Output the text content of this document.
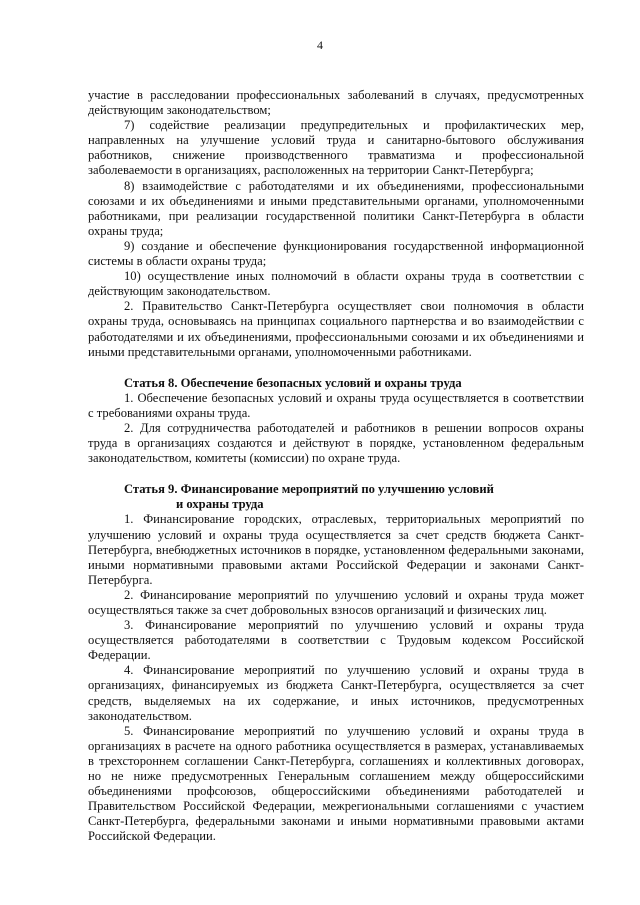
4

участие в расследовании профессиональных заболеваний в случаях, предусмотренных действующим законодательством;

7) содействие реализации предупредительных и профилактических мер, направленных на улучшение условий труда и санитарно-бытового обслуживания работников, снижение производственного травматизма и профессиональной заболеваемости в организациях, расположенных на территории Санкт-Петербурга;

8) взаимодействие с работодателями и их объединениями, профессиональными союзами и их объединениями и иными представительными органами, уполномоченными работниками, при реализации государственной политики Санкт-Петербурга в области охраны труда;

9) создание и обеспечение функционирования государственной информационной системы в области охраны труда;

10) осуществление иных полномочий в области охраны труда в соответствии с действующим законодательством.

2. Правительство Санкт-Петербурга осуществляет свои полномочия в области охраны труда, основываясь на принципах социального партнерства и во взаимодействии с работодателями и их объединениями, профессиональными союзами и их объединениями и иными представительными органами, уполномоченными работниками.

Статья 8. Обеспечение безопасных условий и охраны труда

1. Обеспечение безопасных условий и охраны труда осуществляется в соответствии с требованиями охраны труда.

2. Для сотрудничества работодателей и работников в решении вопросов охраны труда в организациях создаются и действуют в порядке, установленном федеральным законодательством, комитеты (комиссии) по охране труда.

Статья 9. Финансирование мероприятий по улучшению условий
и охраны труда

1. Финансирование городских, отраслевых, территориальных мероприятий по улучшению условий и охраны труда осуществляется за счет средств бюджета Санкт-Петербурга, внебюджетных источников в порядке, установленном федеральными законами, иными нормативными правовыми актами Российской Федерации и законами Санкт-Петербурга.

2. Финансирование мероприятий по улучшению условий и охраны труда может осуществляться также за счет добровольных взносов организаций и физических лиц.

3. Финансирование мероприятий по улучшению условий и охраны труда осуществляется работодателями в соответствии с Трудовым кодексом Российской Федерации.

4. Финансирование мероприятий по улучшению условий и охраны труда в организациях, финансируемых из бюджета Санкт-Петербурга, осуществляется за счет средств, выделяемых на их содержание, и иных источников, предусмотренных законодательством.

5. Финансирование мероприятий по улучшению условий и охраны труда в организациях в расчете на одного работника осуществляется в размерах, устанавливаемых в трехстороннем соглашении Санкт-Петербурга, соглашениях и коллективных договорах, но не ниже предусмотренных Генеральным соглашением между общероссийскими объединениями профсоюзов, общероссийскими объединениями работодателей и Правительством Российской Федерации, межрегиональными соглашениями с участием Санкт-Петербурга, федеральными законами и иными нормативными правовыми актами Российской Федерации.
